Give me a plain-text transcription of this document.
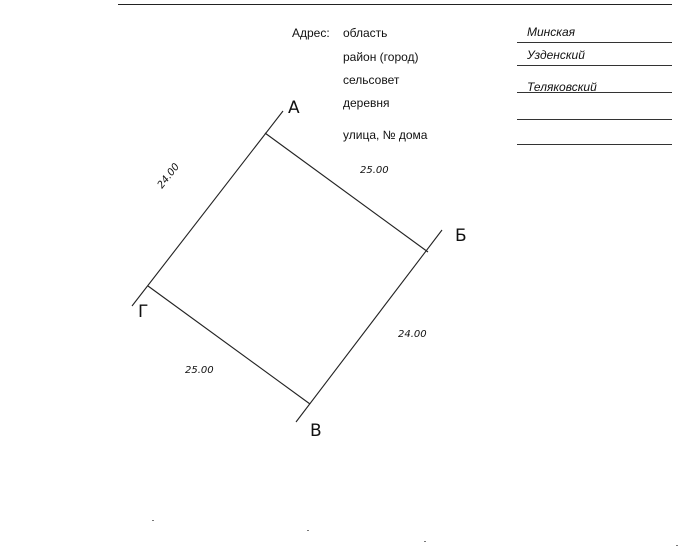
Адрес: область
район (город)
сельсовет
деревня
улица, № дома
Минская
Узденский
Теляковский
А
Б
В
Г
25.00
24.00
25.00
24.00
